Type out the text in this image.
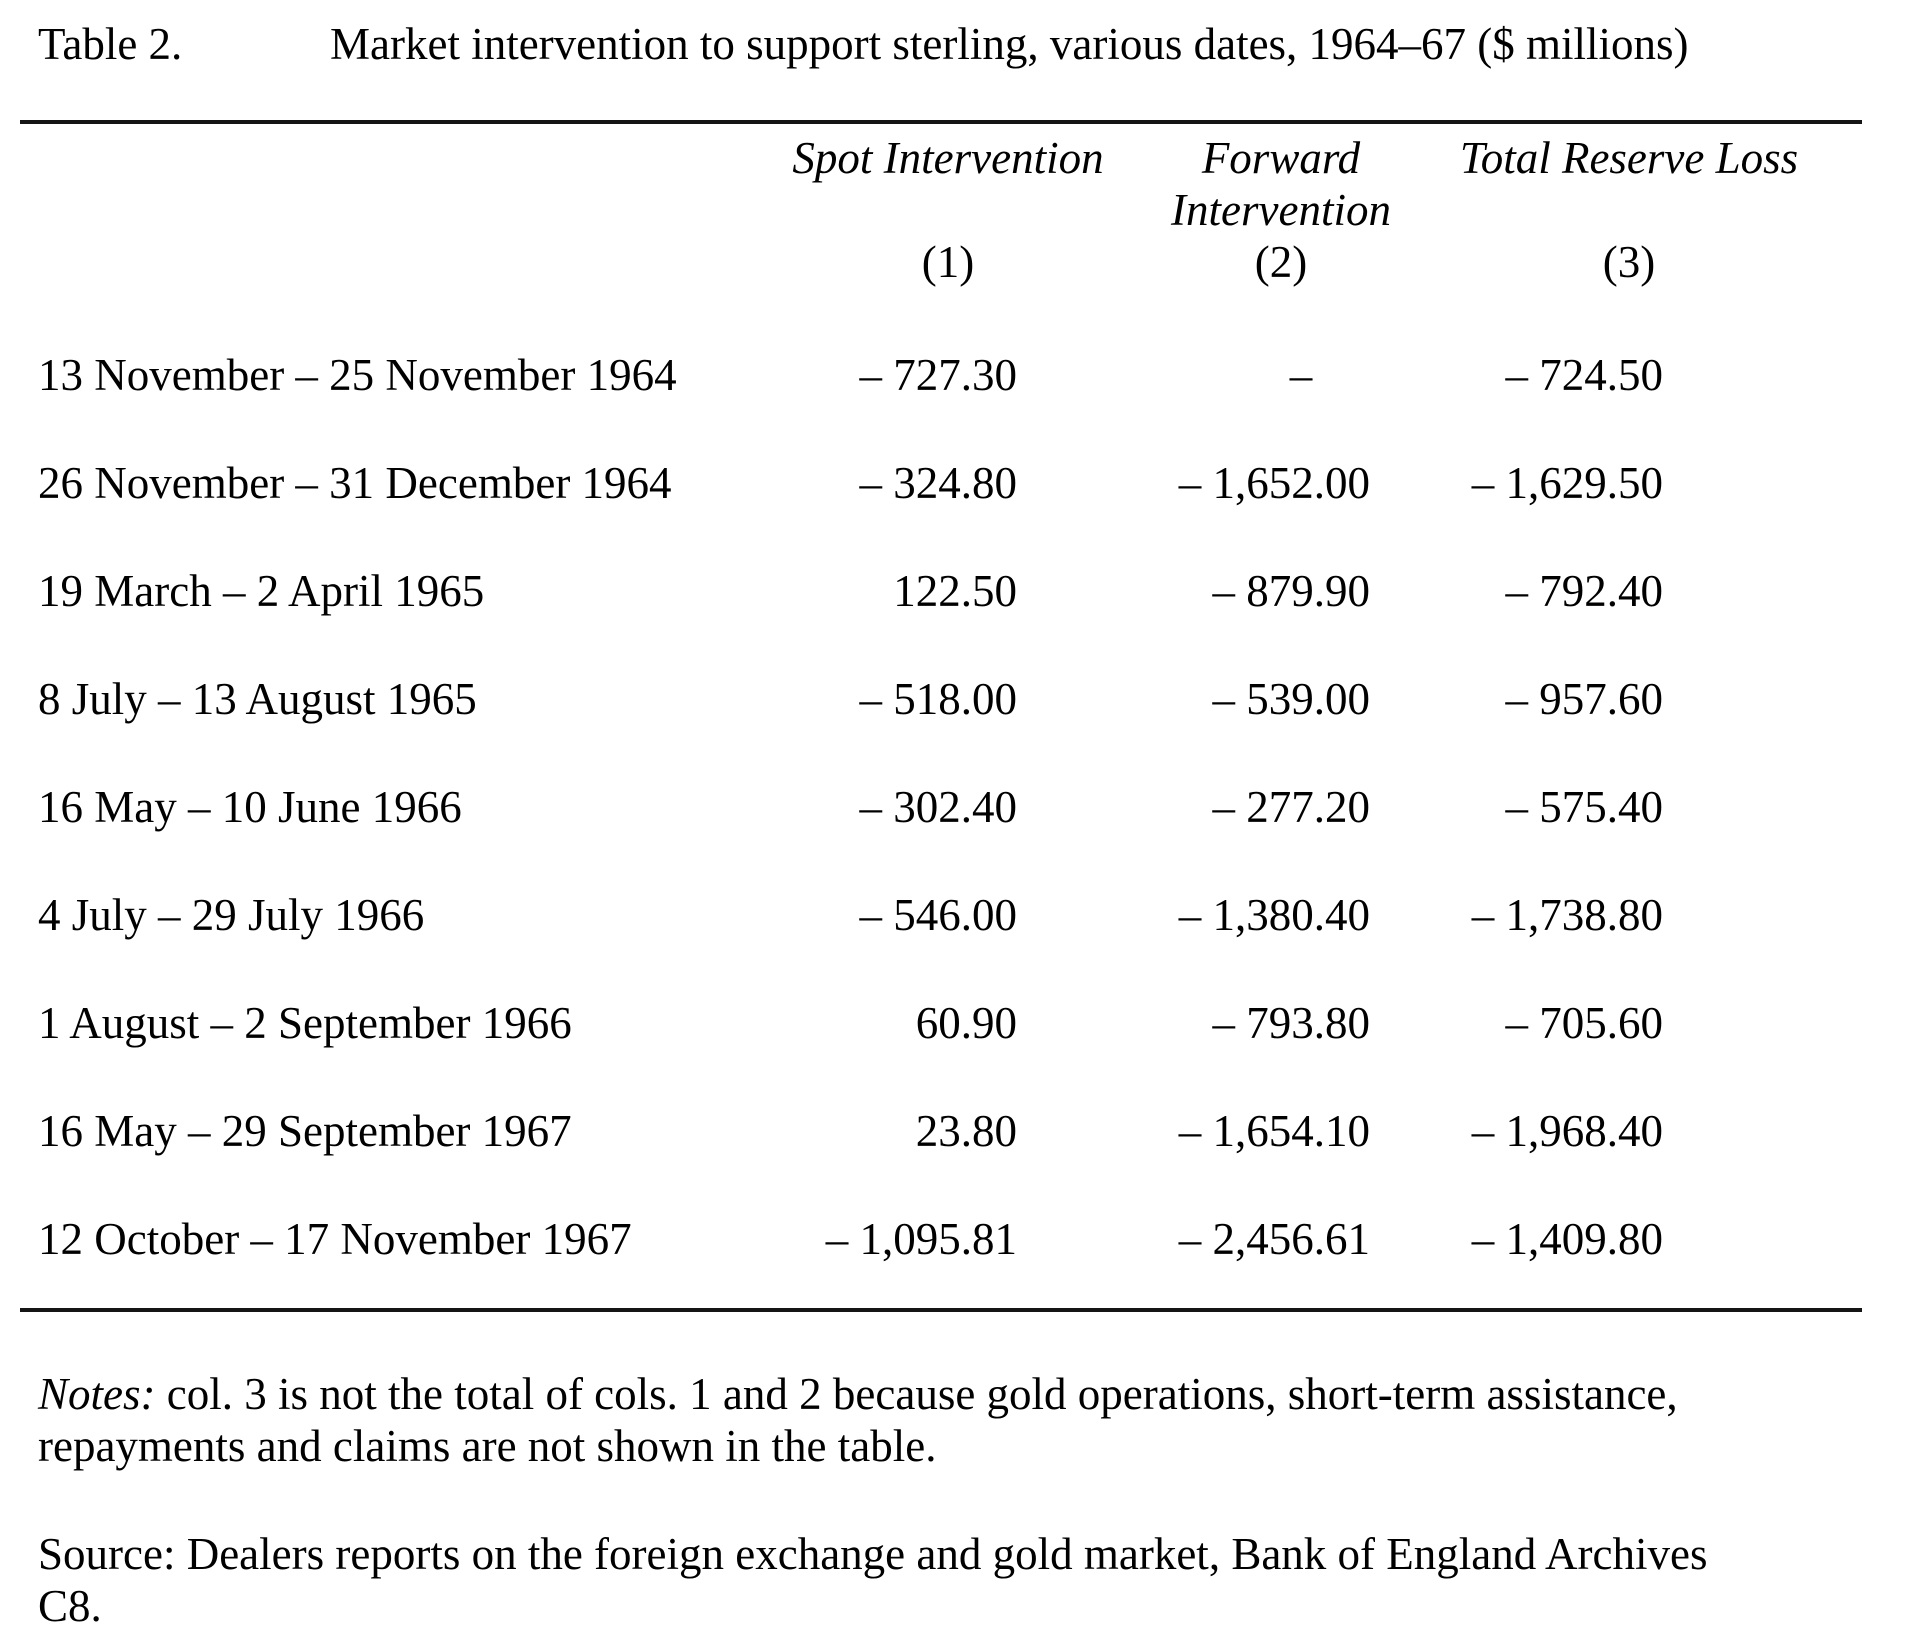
Table 2.	Market intervention to support sterling, various dates, 1964–67 ($ millions)

Spot Intervention
(1)

Forward
Intervention
(2)

Total Reserve Loss
(3)

13 November – 25 November 1964	– 727.30	–	– 724.50	
26 November – 31 December 1964	– 324.80	– 1,652.00	– 1,629.50	
19 March – 2 April 1965	122.50	– 879.90	– 792.40	
8 July – 13 August 1965	– 518.00	– 539.00	– 957.60	
16 May – 10 June 1966	– 302.40	– 277.20	– 575.40	
4 July – 29 July 1966	– 546.00	– 1,380.40	– 1,738.80	
1 August – 2 September 1966	60.90	– 793.80	– 705.60	
16 May – 29 September 1967	23.80	– 1,654.10	– 1,968.40	
12 October – 17 November 1967	– 1,095.81	– 2,456.61	– 1,409.80	

Notes: col. 3 is not the total of cols. 1 and 2 because gold operations, short-term assistance,
repayments and claims are not shown in the table.

Source: Dealers reports on the foreign exchange and gold market, Bank of England Archives
C8.
